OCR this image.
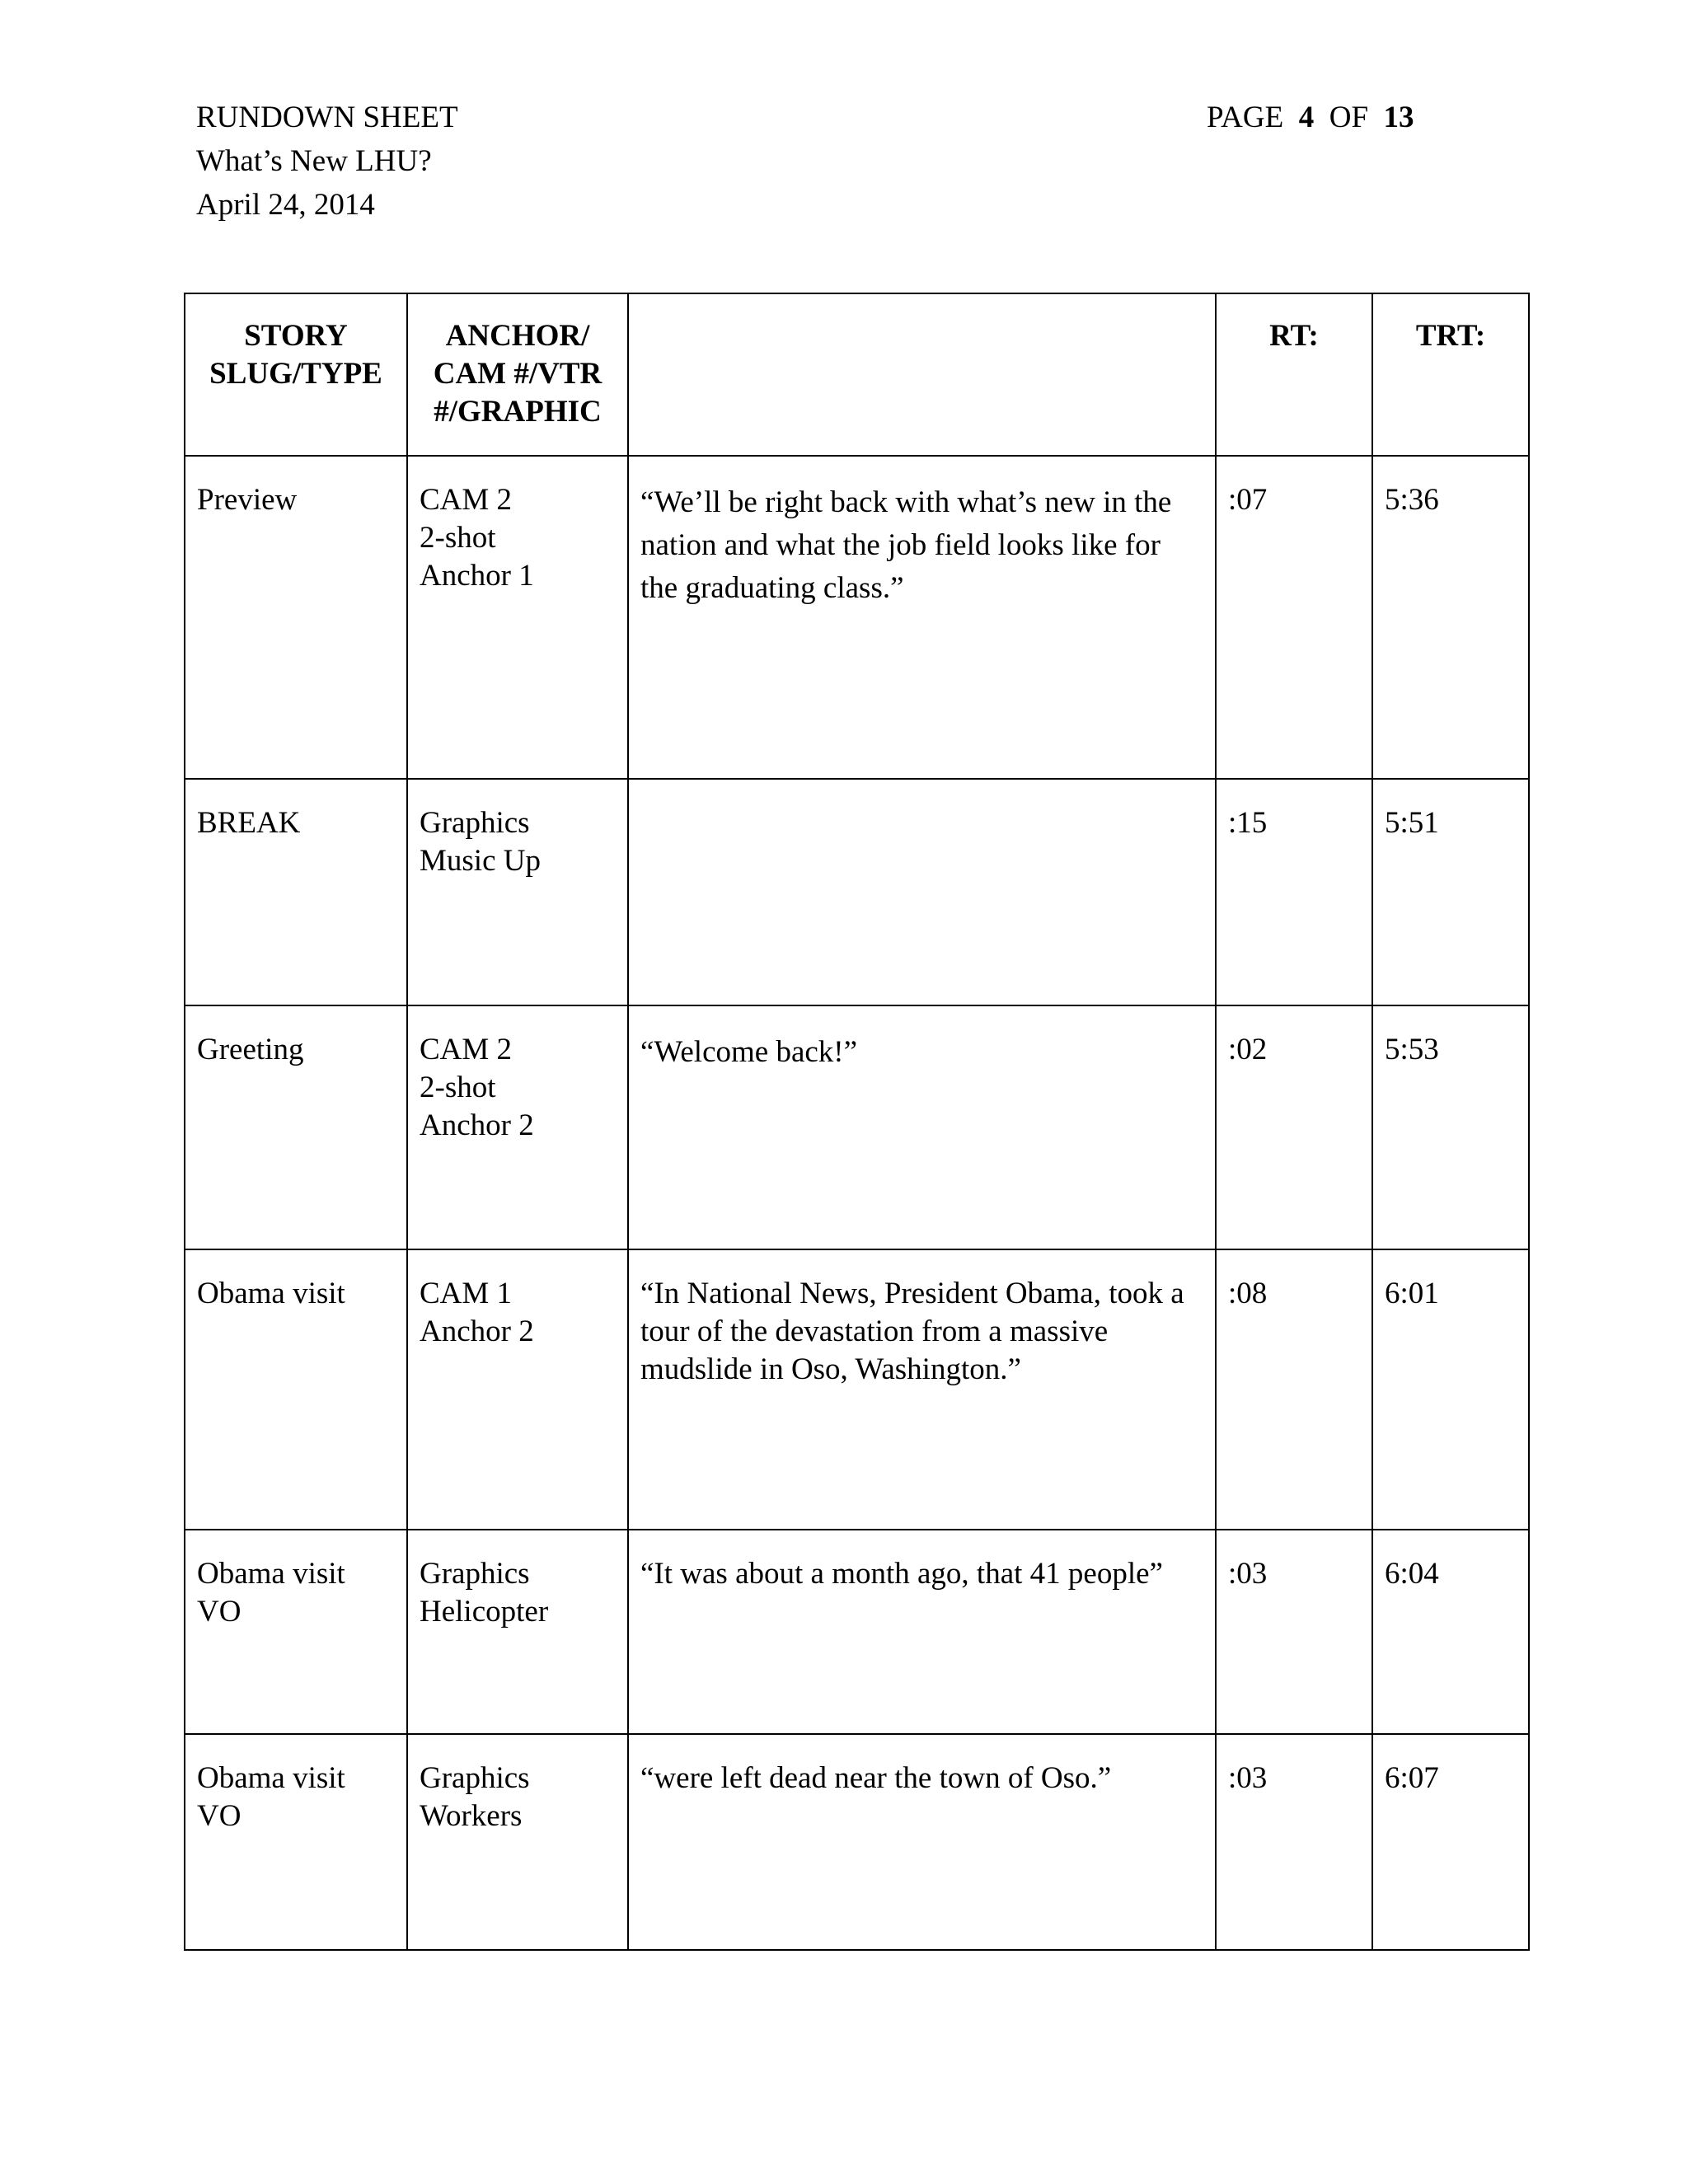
RUNDOWN SHEET
What’s New LHU?
April 24, 2014
PAGE 4 OF 13
STORY
SLUG/TYPE	ANCHOR/
CAM #/VTR
#/GRAPHIC		RT:	TRT:

Preview	CAM 2
2-shot
Anchor 1	“We’ll be right back with what’s new in the nation and what the job field looks like for the graduating class.”	:07	5:36

BREAK	Graphics
Music Up		:15	5:51

Greeting	CAM 2
2-shot
Anchor 2	“Welcome back!”	:02	5:53

Obama visit	CAM 1
Anchor 2	“In National News, President Obama, took a tour of the devastation from a massive mudslide in Oso, Washington.”	:08	6:01

Obama visit
VO	Graphics
Helicopter	“It was about a month ago, that 41 people”	:03	6:04

Obama visit
VO	Graphics
Workers	“were left dead near the town of Oso.”	:03	6:07
